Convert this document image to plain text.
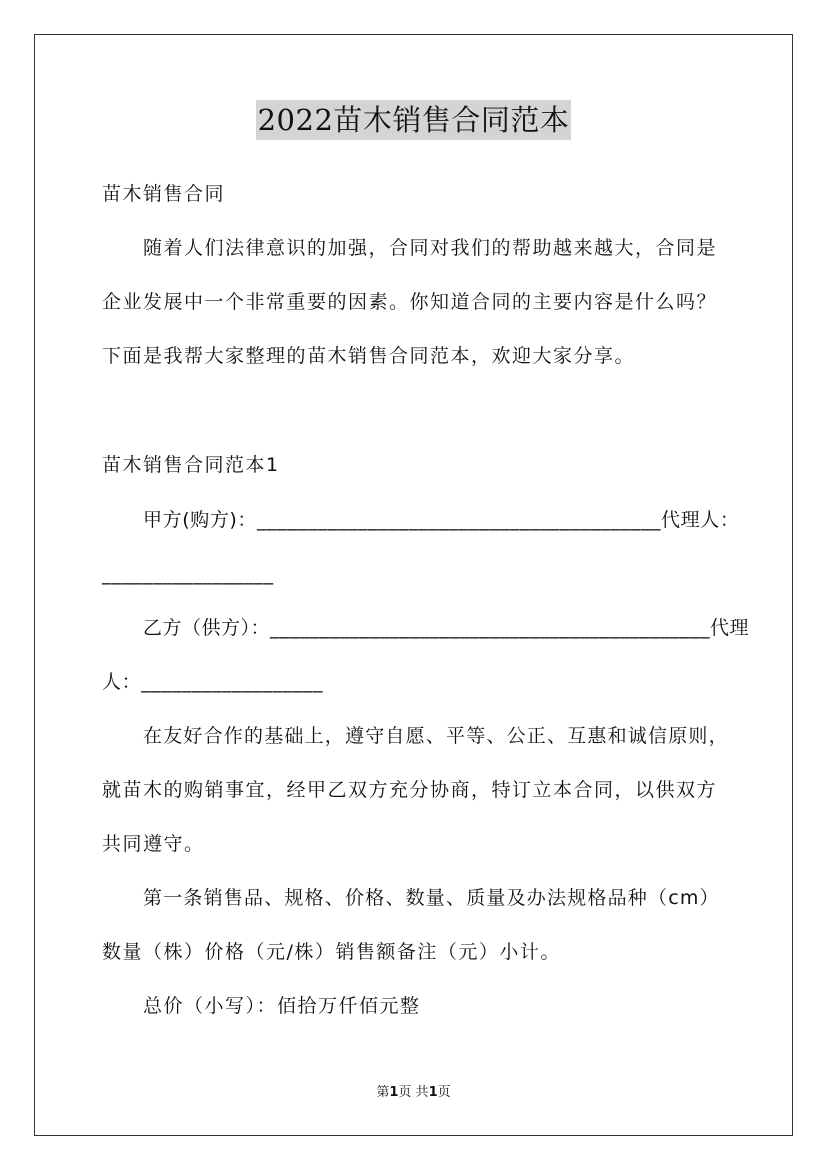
2022苗木销售合同范本
苗木销售合同
随着人们法律意识的加强，合同对我们的帮助越来越大，合同是
企业发展中一个非常重要的因素。你知道合同的主要内容是什么吗？
下面是我帮大家整理的苗木销售合同范本，欢迎大家分享。
苗木销售合同范本1
甲方(购方)：________________________________________代理人：
_________________
乙方（供方）：____________________________________________代理
人：__________________
在友好合作的基础上，遵守自愿、平等、公正、互惠和诚信原则，
就苗木的购销事宜，经甲乙双方充分协商，特订立本合同，以供双方
共同遵守。
第一条销售品、规格、价格、数量、质量及办法规格品种（cm）
数量（株）价格（元/株）销售额备注（元）小计。
总价（小写）：佰拾万仟佰元整
第1页 共1页
